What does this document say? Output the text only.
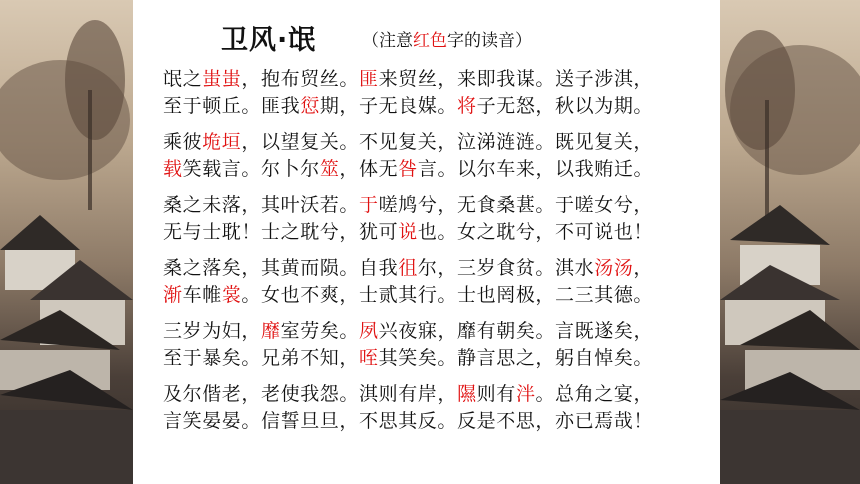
卫风·氓	（注意红色字的读音）
氓之蚩蚩，抱布贸丝。匪来贸丝，来即我谋。送子涉淇，
至于顿丘。匪我愆期，子无良媒。将子无怒，秋以为期。
乘彼垝垣，以望复关。不见复关，泣涕涟涟。既见复关，
载笑载言。尔卜尔筮，体无咎言。以尔车来，以我贿迁。
桑之未落，其叶沃若。于嗟鸠兮，无食桑葚。于嗟女兮，
无与士耽！士之耽兮，犹可说也。女之耽兮，不可说也！
桑之落矣，其黄而陨。自我徂尔，三岁食贫。淇水汤汤，
渐车帷裳。女也不爽，士贰其行。士也罔极，二三其德。
三岁为妇，靡室劳矣。夙兴夜寐，靡有朝矣。言既遂矣，
至于暴矣。兄弟不知，咥其笑矣。静言思之，躬自悼矣。
及尔偕老，老使我怨。淇则有岸，隰则有泮。总角之宴，
言笑晏晏。信誓旦旦，不思其反。反是不思，亦已焉哉！
